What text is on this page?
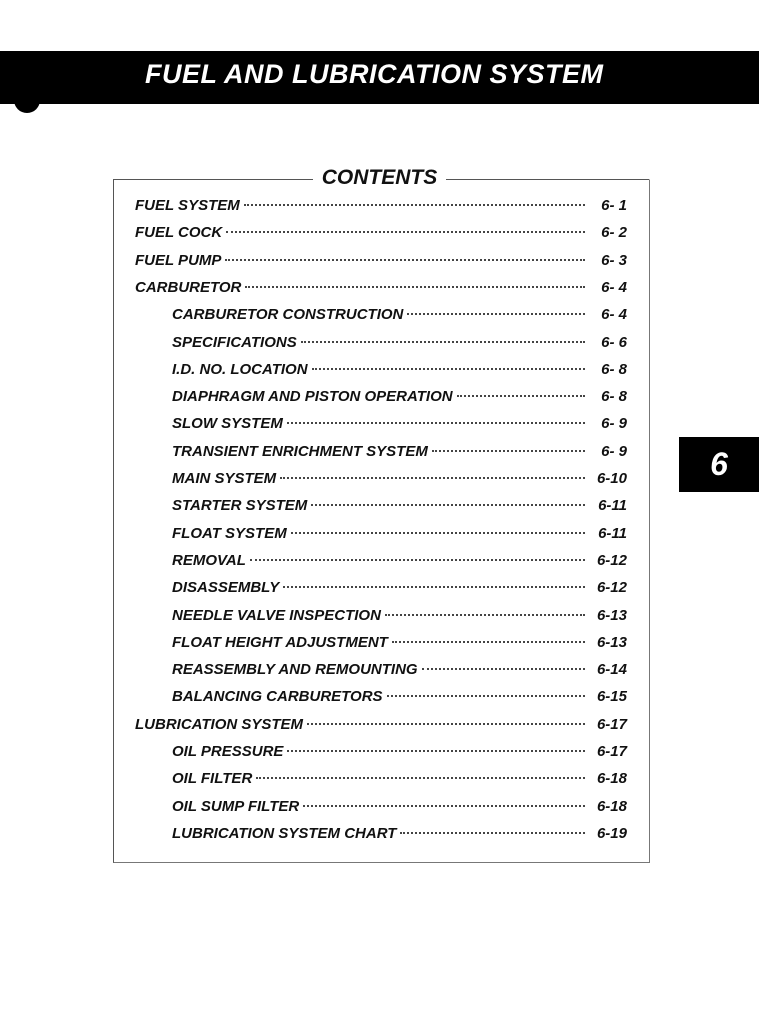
FUEL AND LUBRICATION SYSTEM
CONTENTS
FUEL SYSTEM	6- 1
FUEL COCK	6- 2
FUEL PUMP	6- 3
CARBURETOR	6- 4
CARBURETOR CONSTRUCTION	6- 4
SPECIFICATIONS	6- 6
I.D. NO. LOCATION	6- 8
DIAPHRAGM AND PISTON OPERATION	6- 8
SLOW SYSTEM	6- 9
TRANSIENT ENRICHMENT SYSTEM	6- 9
MAIN SYSTEM	6-10
STARTER SYSTEM	6-11
FLOAT SYSTEM	6-11
REMOVAL	6-12
DISASSEMBLY	6-12
NEEDLE VALVE INSPECTION	6-13
FLOAT HEIGHT ADJUSTMENT	6-13
REASSEMBLY AND REMOUNTING	6-14
BALANCING CARBURETORS	6-15
LUBRICATION SYSTEM	6-17
OIL PRESSURE	6-17
OIL FILTER	6-18
OIL SUMP FILTER	6-18
LUBRICATION SYSTEM CHART	6-19
6
